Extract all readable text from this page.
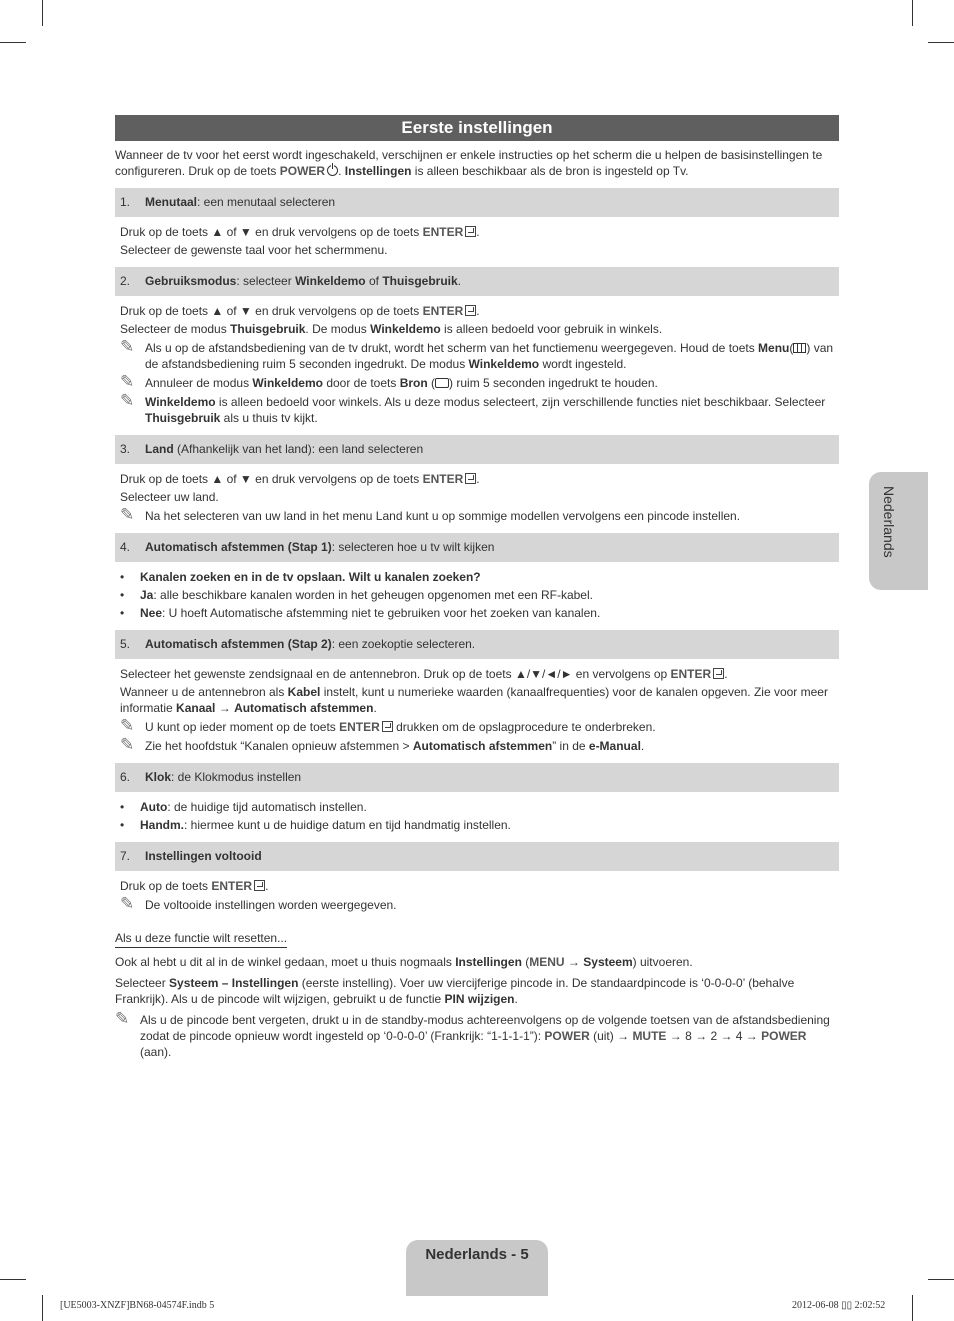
Eerste instellingen

Wanneer de tv voor het eerst wordt ingeschakeld, verschijnen er enkele instructies op het scherm die u helpen de basisinstellingen te configureren. Druk op de toets POWER . Instellingen is alleen beschikbaar als de bron is ingesteld op Tv.

1. Menutaal: een menutaal selecteren

Druk op de toets ▲ of ▼ en druk vervolgens op de toets ENTER .

Selecteer de gewenste taal voor het schermmenu.

2. Gebruiksmodus: selecteer Winkeldemo of Thuisgebruik.

Druk op de toets ▲ of ▼ en druk vervolgens op de toets ENTER .

Selecteer de modus Thuisgebruik. De modus Winkeldemo is alleen bedoeld voor gebruik in winkels.

✎ Als u op de afstandsbediening van de tv drukt, wordt het scherm van het functiemenu weergegeven. Houd de toets Menu( ) van de afstandsbediening ruim 5 seconden ingedrukt. De modus Winkeldemo wordt ingesteld.

✎ Annuleer de modus Winkeldemo door de toets Bron ( ) ruim 5 seconden ingedrukt te houden.

✎ Winkeldemo is alleen bedoeld voor winkels. Als u deze modus selecteert, zijn verschillende functies niet beschikbaar. Selecteer Thuisgebruik als u thuis tv kijkt.

3. Land (Afhankelijk van het land): een land selecteren

Druk op de toets ▲ of ▼ en druk vervolgens op de toets ENTER .

Selecteer uw land.

✎ Na het selecteren van uw land in het menu Land kunt u op sommige modellen vervolgens een pincode instellen.

4. Automatisch afstemmen (Stap 1): selecteren hoe u tv wilt kijken
• Kanalen zoeken en in de tv opslaan. Wilt u kanalen zoeken?
• Ja: alle beschikbare kanalen worden in het geheugen opgenomen met een RF-kabel.
• Nee: U hoeft Automatische afstemming niet te gebruiken voor het zoeken van kanalen.
5. Automatisch afstemmen (Stap 2): een zoekoptie selecteren.

Selecteer het gewenste zendsignaal en de antennebron. Druk op de toets ▲/▼/◄/► en vervolgens op ENTER .

Wanneer u de antennebron als Kabel instelt, kunt u numerieke waarden (kanaalfrequenties) voor de kanalen opgeven. Zie voor meer informatie Kanaal → Automatisch afstemmen.

✎ U kunt op ieder moment op de toets ENTER drukken om de opslagprocedure te onderbreken.

✎ Zie het hoofdstuk “Kanalen opnieuw afstemmen > Automatisch afstemmen” in de e-Manual.

6. Klok: de Klokmodus instellen
• Auto: de huidige tijd automatisch instellen.
• Handm.: hiermee kunt u de huidige datum en tijd handmatig instellen.
7. Instellingen voltooid

Druk op de toets ENTER .

✎ De voltooide instellingen worden weergegeven.

Als u deze functie wilt resetten...

Ook al hebt u dit al in de winkel gedaan, moet u thuis nogmaals Instellingen (MENU → Systeem) uitvoeren.

Selecteer Systeem – Instellingen (eerste instelling). Voer uw viercijferige pincode in. De standaardpincode is ‘0-0-0-0’ (behalve Frankrijk). Als u de pincode wilt wijzigen, gebruikt u de functie PIN wijzigen.

✎ Als u de pincode bent vergeten, drukt u in de standby-modus achtereenvolgens op de volgende toetsen van de afstandsbediening zodat de pincode opnieuw wordt ingesteld op ‘0-0-0-0’ (Frankrijk: “1-1-1-1”): POWER (uit) → MUTE → 8 → 2 → 4 → POWER (aan).

Nederlands
Nederlands - 5
[UE5003-XNZF]BN68-04574F.indb 5	2012-06-08 ▯▯ 2:02:52
